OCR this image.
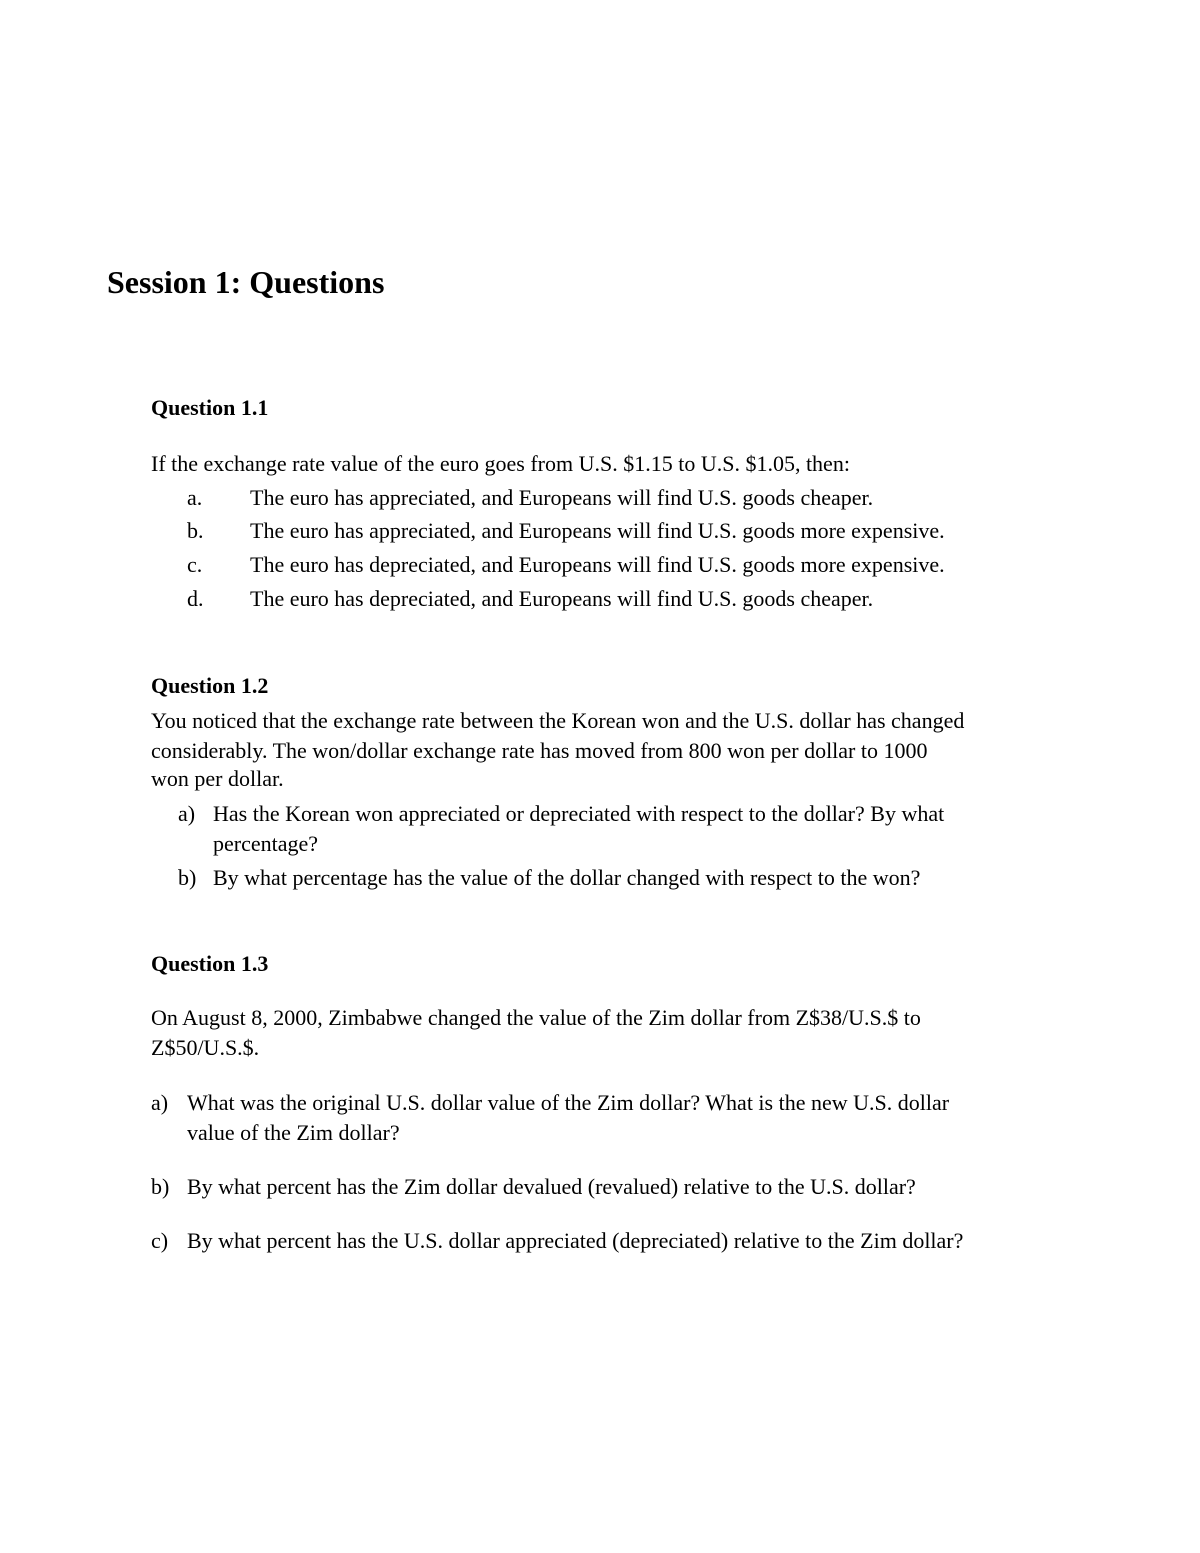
Session 1: Questions
Question 1.1
If the exchange rate value of the euro goes from U.S. $1.15 to U.S. $1.05, then:
a. The euro has appreciated, and Europeans will find U.S. goods cheaper.
b. The euro has appreciated, and Europeans will find U.S. goods more expensive.
c. The euro has depreciated, and Europeans will find U.S. goods more expensive.
d. The euro has depreciated, and Europeans will find U.S. goods cheaper.
Question 1.2
You noticed that the exchange rate between the Korean won and the U.S. dollar has changed
considerably. The won/dollar exchange rate has moved from 800 won per dollar to 1000
won per dollar.
a) Has the Korean won appreciated or depreciated with respect to the dollar? By what
percentage?
b) By what percentage has the value of the dollar changed with respect to the won?
Question 1.3
On August 8, 2000, Zimbabwe changed the value of the Zim dollar from Z$38/U.S.$ to
Z$50/U.S.$.
a) What was the original U.S. dollar value of the Zim dollar? What is the new U.S. dollar
value of the Zim dollar?
b) By what percent has the Zim dollar devalued (revalued) relative to the U.S. dollar?
c) By what percent has the U.S. dollar appreciated (depreciated) relative to the Zim dollar?
